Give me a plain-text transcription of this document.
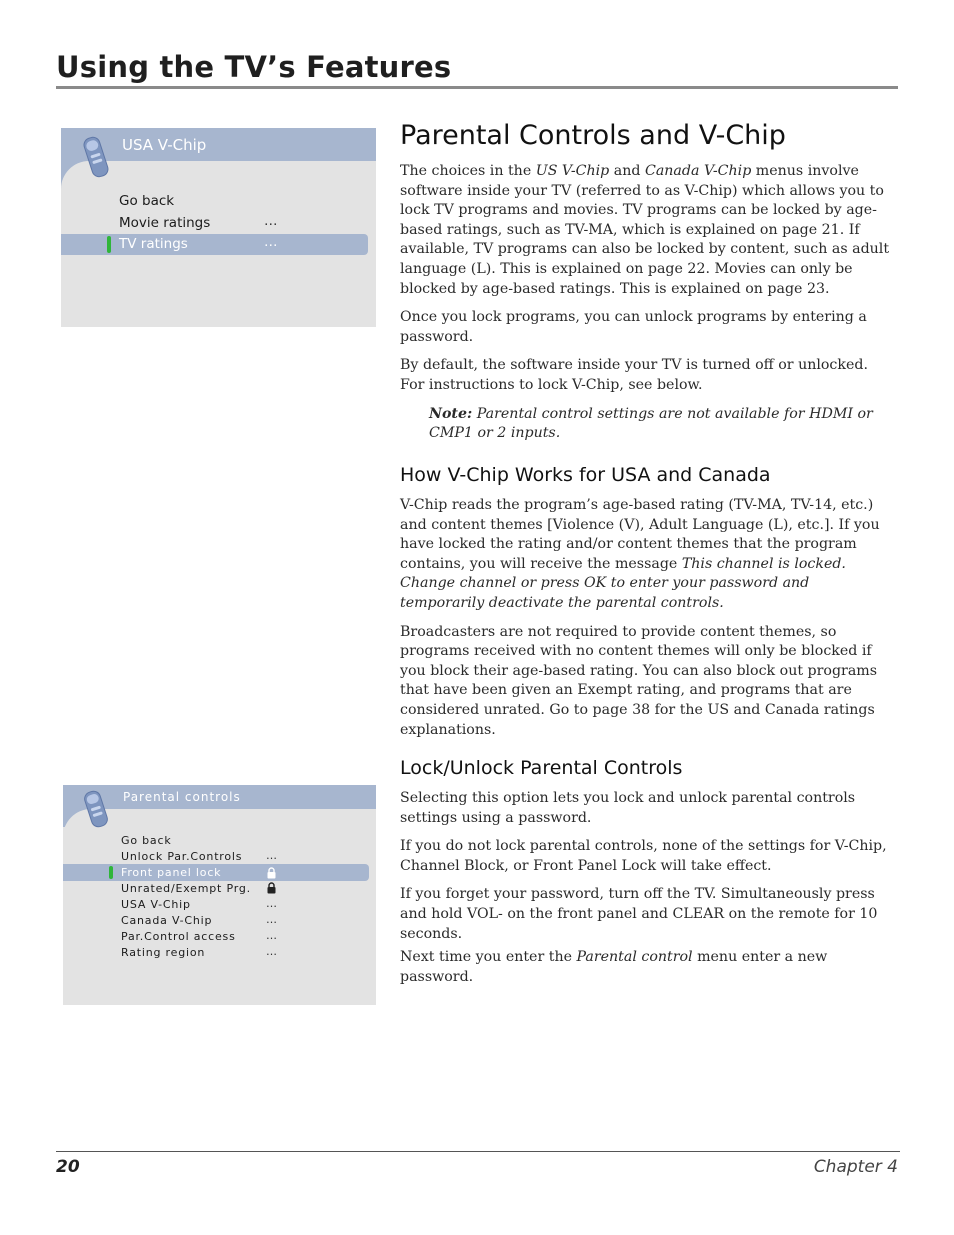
Using the TV’s Features
USA V-Chip
Go back
Movie ratings	…
TV ratings	…
Parental controls
Go back
Unlock Par.Controls …
Front panel lock
Unrated/Exempt Prg.
USA V-Chip	…
Canada V-Chip	…
Par.Control access	…
Rating region	…
Parental Controls and V-Chip

The choices in the US V-Chip and Canada V-Chip menus involve software inside your TV (referred to as V-Chip) which allows you to lock TV programs and movies. TV programs can be locked by age-based ratings, such as TV-MA, which is explained on page 21. If available, TV programs can also be locked by content, such as adult language (L). This is explained on page 22. Movies can only be blocked by age-based ratings. This is explained on page 23.

Once you lock programs, you can unlock programs by entering a password.

By default, the software inside your TV is turned off or unlocked. For instructions to lock V-Chip, see below.

Note: Parental control settings are not available for HDMI or CMP1 or 2 inputs.

How V-Chip Works for USA and Canada

V-Chip reads the program’s age-based rating (TV-MA, TV-14, etc.) and content themes [Violence (V), Adult Language (L), etc.]. If you have locked the rating and/or content themes that the program contains, you will receive the message This channel is locked. Change channel or press OK to enter your password and temporarily deactivate the parental controls.

Broadcasters are not required to provide content themes, so programs received with no content themes will only be blocked if you block their age-based rating. You can also block out programs that have been given an Exempt rating, and programs that are considered unrated. Go to page 38 for the US and Canada ratings explanations.

Lock/Unlock Parental Controls

Selecting this option lets you lock and unlock parental controls settings using a password.

If you do not lock parental controls, none of the settings for V-Chip, Channel Block, or Front Panel Lock will take effect.

If you forget your password, turn off the TV. Simultaneously press and hold VOL- on the front panel and CLEAR on the remote for 10 seconds.

Next time you enter the Parental control menu enter a new password.

20	Chapter 4
